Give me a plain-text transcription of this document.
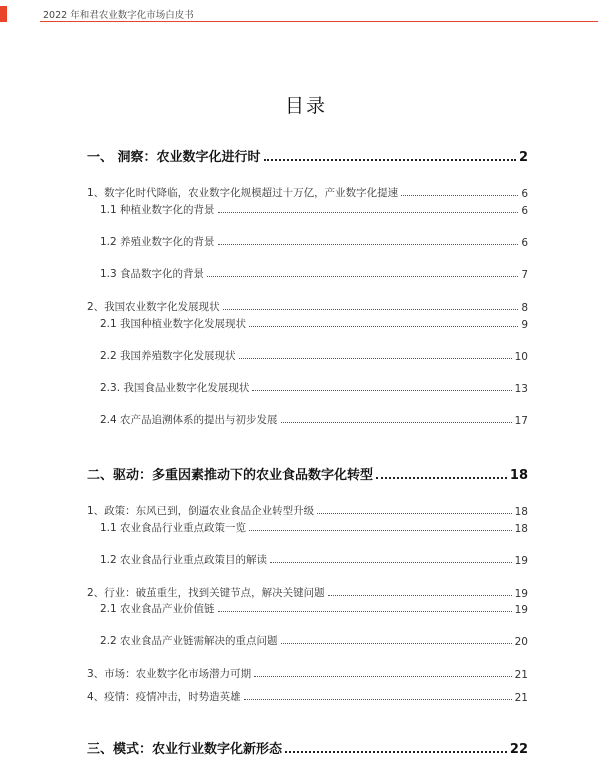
2022 年和君农业数字化市场白皮书
目录
一、 洞察：农业数字化进行时	2
1、数字化时代降临，农业数字化规模超过十万亿，产业数字化提速	6
1.1 种植业数字化的背景	6
1.2 养殖业数字化的背景	6
1.3 食品数字化的背景	7
2、我国农业数字化发展现状	8
2.1 我国种植业数字化发展现状	9
2.2 我国养殖数字化发展现状	10
2.3. 我国食品业数字化发展现状	13
2.4 农产品追溯体系的提出与初步发展	17
二、驱动：多重因素推动下的农业食品数字化转型	18
1、政策：东风已到，倒逼农业食品企业转型升级	18
1.1 农业食品行业重点政策一览	18
1.2 农业食品行业重点政策目的解读	19
2、行业：破茧重生，找到关键节点，解决关键问题	19
2.1 农业食品产业价值链	19
2.2 农业食品产业链需解决的重点问题	20
3、市场：农业数字化市场潜力可期	21
4、疫情：疫情冲击，时势造英雄	21
三、模式：农业行业数字化新形态	22
